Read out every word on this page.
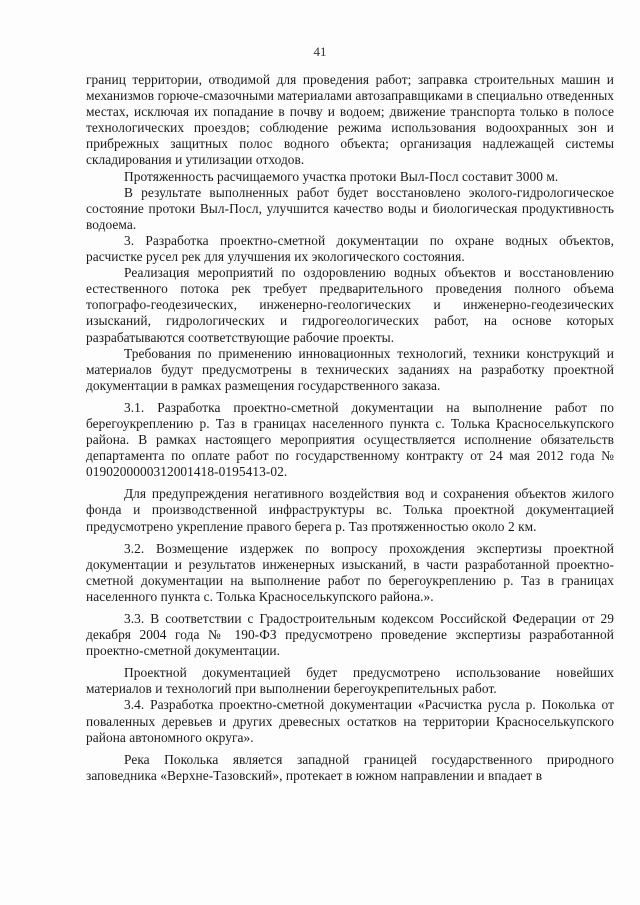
41

границ территории, отводимой для проведения работ; заправка строительных машин и механизмов горюче-смазочными материалами автозаправщиками в специально отведенных местах, исключая их попадание в почву и водоем; движение транспорта только в полосе технологических проездов; соблюдение режима использования водоохранных зон и прибрежных защитных полос водного объекта; организация надлежащей системы складирования и утилизации отходов.

Протяженность расчищаемого участка протоки Выл-Посл составит 3000 м.

В результате выполненных работ будет восстановлено эколого-гидрологическое состояние протоки Выл-Посл, улучшится качество воды и биологическая продуктивность водоема.

3. Разработка проектно-сметной документации по охране водных объектов, расчистке русел рек для улучшения их экологического состояния.

Реализация мероприятий по оздоровлению водных объектов и восстановлению естественного потока рек требует предварительного проведения полного объема топографо-геодезических, инженерно-геологических и инженерно-геодезических изысканий, гидрологических и гидрогеологических работ, на основе которых разрабатываются соответствующие рабочие проекты.

Требования по применению инновационных технологий, техники конструкций и материалов будут предусмотрены в технических заданиях на разработку проектной документации в рамках размещения государственного заказа.

3.1. Разработка проектно-сметной документации на выполнение работ по берегоукреплению р. Таз в границах населенного пункта с. Толька Красноселькупского района. В рамках настоящего мероприятия осуществляется исполнение обязательств департамента по оплате работ по государственному контракту от 24 мая 2012 года № 0190200000312001418-0195413-02.

Для предупреждения негативного воздействия вод и сохранения объектов жилого фонда и производственной инфраструктуры вс. Толька проектной документацией предусмотрено укрепление правого берега р. Таз протяженностью около 2 км.

3.2. Возмещение издержек по вопросу прохождения экспертизы проектной документации и результатов инженерных изысканий, в части разработанной проектно-сметной документации на выполнение работ по берегоукреплению р. Таз в границах населенного пункта с. Толька Красноселькупского района.».

3.3. В соответствии с Градостроительным кодексом Российской Федерации от 29 декабря 2004 года № 190-ФЗ предусмотрено проведение экспертизы разработанной проектно-сметной документации.

Проектной документацией будет предусмотрено использование новейших материалов и технологий при выполнении берегоукрепительных работ.

3.4. Разработка проектно-сметной документации «Расчистка русла р. Поколька от поваленных деревьев и других древесных остатков на территории Красноселькупского района автономного округа».

Река Поколька является западной границей государственного природного заповедника «Верхне-Тазовский», протекает в южном направлении и впадает в
